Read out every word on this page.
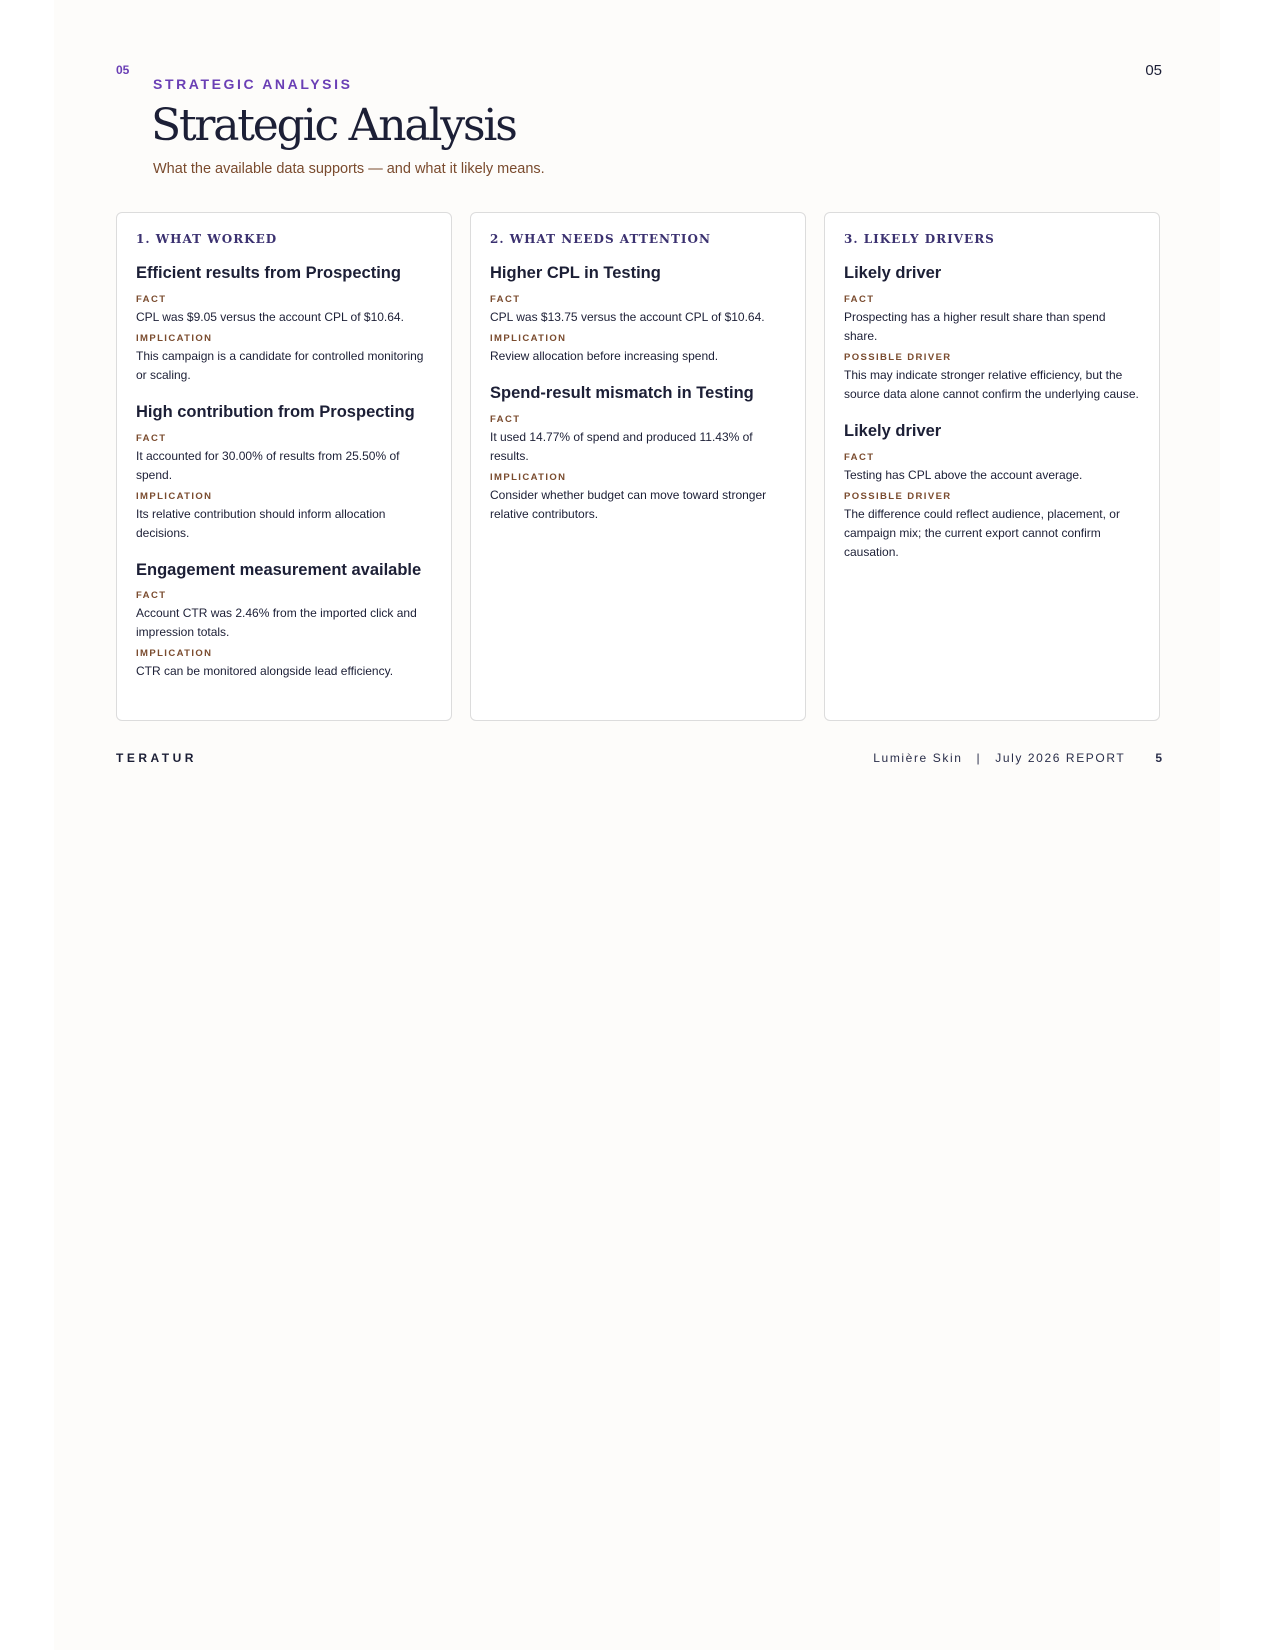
05	05
STRATEGIC ANALYSIS
Strategic Analysis
What the available data supports — and what it likely means.
1. WHAT WORKED
Efficient results from Prospecting
FACT
CPL was $9.05 versus the account CPL of $10.64.
IMPLICATION
This campaign is a candidate for controlled monitoring or scaling.
High contribution from Prospecting
FACT
It accounted for 30.00% of results from 25.50% of spend.
IMPLICATION
Its relative contribution should inform allocation decisions.
Engagement measurement available
FACT
Account CTR was 2.46% from the imported click and impression totals.
IMPLICATION
CTR can be monitored alongside lead efficiency.
2. WHAT NEEDS ATTENTION
Higher CPL in Testing
FACT
CPL was $13.75 versus the account CPL of $10.64.
IMPLICATION
Review allocation before increasing spend.
Spend-result mismatch in Testing
FACT
It used 14.77% of spend and produced 11.43% of results.
IMPLICATION
Consider whether budget can move toward stronger relative contributors.
3. LIKELY DRIVERS
Likely driver
FACT
Prospecting has a higher result share than spend share.
POSSIBLE DRIVER
This may indicate stronger relative efficiency, but the source data alone cannot confirm the underlying cause.
Likely driver
FACT
Testing has CPL above the account average.
POSSIBLE DRIVER
The difference could reflect audience, placement, or campaign mix; the current export cannot confirm causation.
TERATUR	Lumière Skin | July 2026 REPORT	5
